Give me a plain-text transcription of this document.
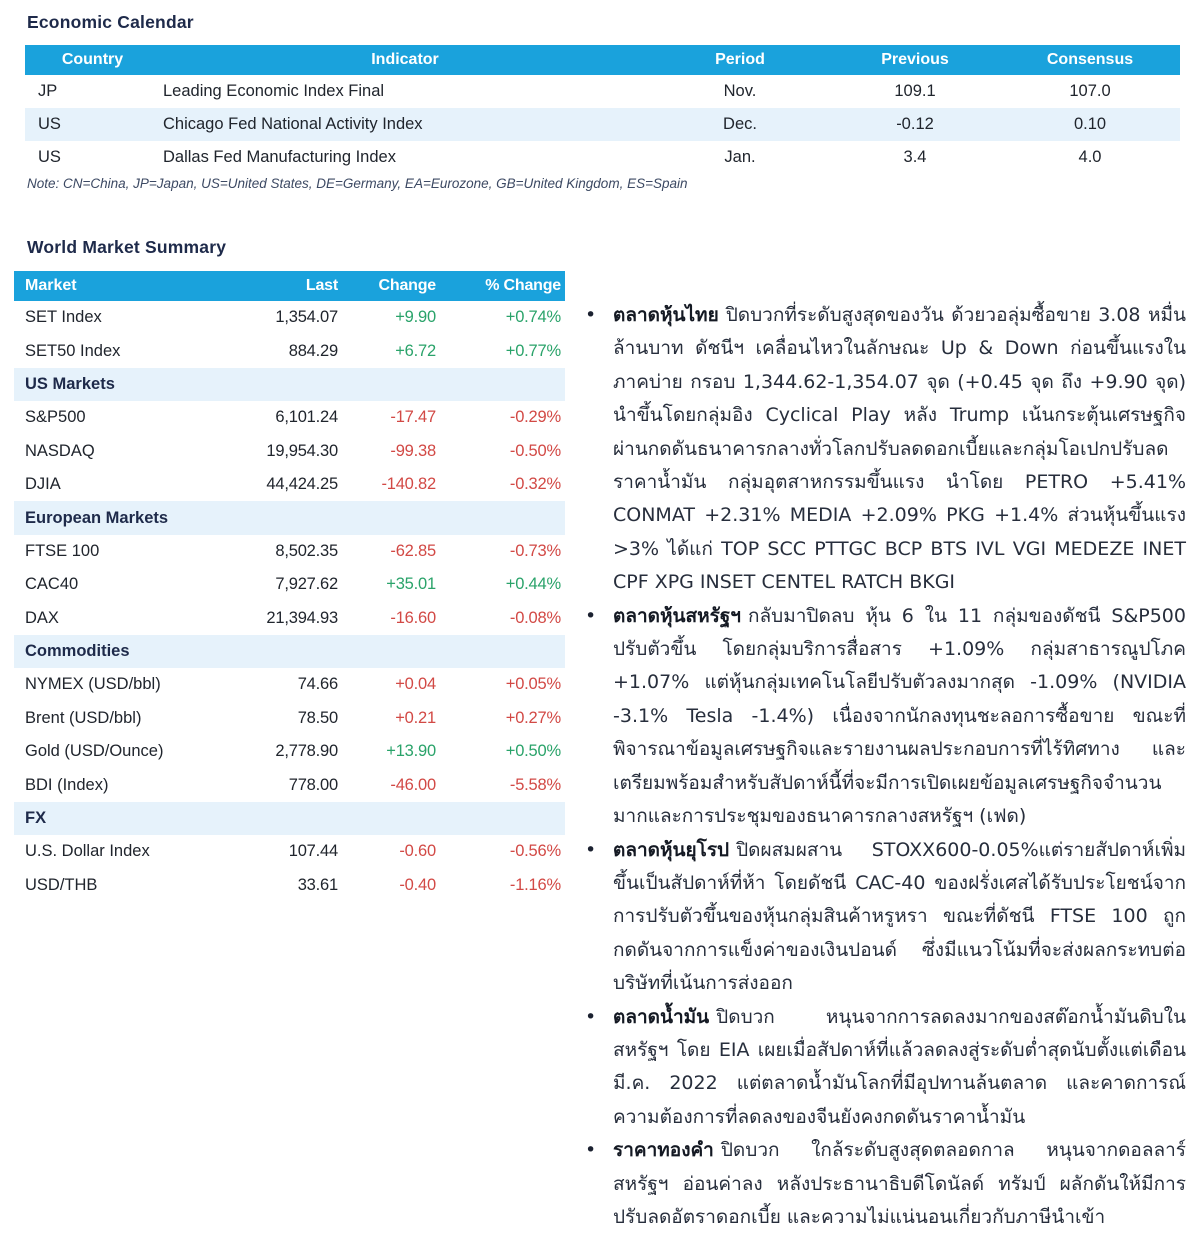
Economic Calendar
Country	Indicator	Period	Previous	Consensus
JP	Leading Economic Index Final	Nov.	109.1	107.0
US	Chicago Fed National Activity Index	Dec.	-0.12	0.10
US	Dallas Fed Manufacturing Index	Jan.	3.4	4.0

Note: CN=China, JP=Japan, US=United States, DE=Germany, EA=Eurozone, GB=United Kingdom, ES=Spain

World Market Summary
Market	Last	Change	% Change
SET Index	1,354.07	+9.90	+0.74%
SET50 Index	884.29	+6.72	+0.77%
US Markets
S&P500	6,101.24	-17.47	-0.29%
NASDAQ	19,954.30	-99.38	-0.50%
DJIA	44,424.25	-140.82	-0.32%
European Markets
FTSE 100	8,502.35	-62.85	-0.73%
CAC40	7,927.62	+35.01	+0.44%
DAX	21,394.93	-16.60	-0.08%
Commodities
NYMEX (USD/bbl)	74.66	+0.04	+0.05%
Brent (USD/bbl)	78.50	+0.21	+0.27%
Gold (USD/Ounce)	2,778.90	+13.90	+0.50%
BDI (Index)	778.00	-46.00	-5.58%
FX
U.S. Dollar Index	107.44	-0.60	-0.56%
USD/THB	33.61	-0.40	-1.16%
•

ตลาดหุ้นไทย ปิดบวกที่ระดับสูงสุดของวัน ด้วยวอลุ่มซื้อขาย 3.08 หมื่นล้านบาท ดัชนีฯ เคลื่อนไหวในลักษณะ Up & Down ก่อนขึ้นแรงในภาคบ่าย กรอบ 1,344.62-1,354.07 จุด (+0.45 จุด ถึง +9.90 จุด) นำขึ้นโดยกลุ่มอิง Cyclical Play หลัง Trump เน้นกระตุ้นเศรษฐกิจผ่านกดดันธนาคารกลางทั่วโลกปรับลดดอกเบี้ยและกลุ่มโอเปกปรับลดราคาน้ำมัน กลุ่มอุตสาหกรรมขึ้นแรง นำโดย PETRO +5.41% CONMAT +2.31% MEDIA +2.09% PKG +1.4% ส่วนหุ้นขึ้นแรง >3% ได้แก่ TOP SCC PTTGC BCP BTS IVL VGI MEDEZE INET CPF XPG INSET CENTEL RATCH BKGI

•

ตลาดหุ้นสหรัฐฯ กลับมาปิดลบ หุ้น 6 ใน 11 กลุ่มของดัชนี S&P500 ปรับตัวขึ้น โดยกลุ่มบริการสื่อสาร +1.09% กลุ่มสาธารณูปโภค +1.07% แต่หุ้นกลุ่มเทคโนโลยีปรับตัวลงมากสุด -1.09% (NVIDIA -3.1% Tesla -1.4%) เนื่องจากนักลงทุนชะลอการซื้อขาย ขณะที่พิจารณาข้อมูลเศรษฐกิจและรายงานผลประกอบการที่ไร้ทิศทาง และเตรียมพร้อมสำหรับสัปดาห์นี้ที่จะมีการเปิดเผยข้อมูลเศรษฐกิจจำนวนมากและการประชุมของธนาคารกลางสหรัฐฯ (เฟด)

•

ตลาดหุ้นยุโรป ปิดผสมผสาน STOXX600-0.05%แต่รายสัปดาห์เพิ่มขึ้นเป็นสัปดาห์ที่ห้า โดยดัชนี CAC-40 ของฝรั่งเศสได้รับประโยชน์จากการปรับตัวขึ้นของหุ้นกลุ่มสินค้าหรูหรา ขณะที่ดัชนี FTSE 100 ถูกกดดันจากการแข็งค่าของเงินปอนด์ ซึ่งมีแนวโน้มที่จะส่งผลกระทบต่อบริษัทที่เน้นการส่งออก

•

ตลาดน้ำมัน ปิดบวก หนุนจากการลดลงมากของสต๊อกน้ำมันดิบในสหรัฐฯ โดย EIA เผยเมื่อสัปดาห์ที่แล้วลดลงสู่ระดับต่ำสุดนับตั้งแต่เดือน มี.ค. 2022 แต่ตลาดน้ำมันโลกที่มีอุปทานล้นตลาด และคาดการณ์ความต้องการที่ลดลงของจีนยังคงกดดันราคาน้ำมัน

•

ราคาทองคำ ปิดบวก ใกล้ระดับสูงสุดตลอดกาล หนุนจากดอลลาร์สหรัฐฯ อ่อนค่าลง หลังประธานาธิบดีโดนัลด์ ทรัมป์ ผลักดันให้มีการปรับลดอัตราดอกเบี้ย และความไม่แน่นอนเกี่ยวกับภาษีนำเข้า
